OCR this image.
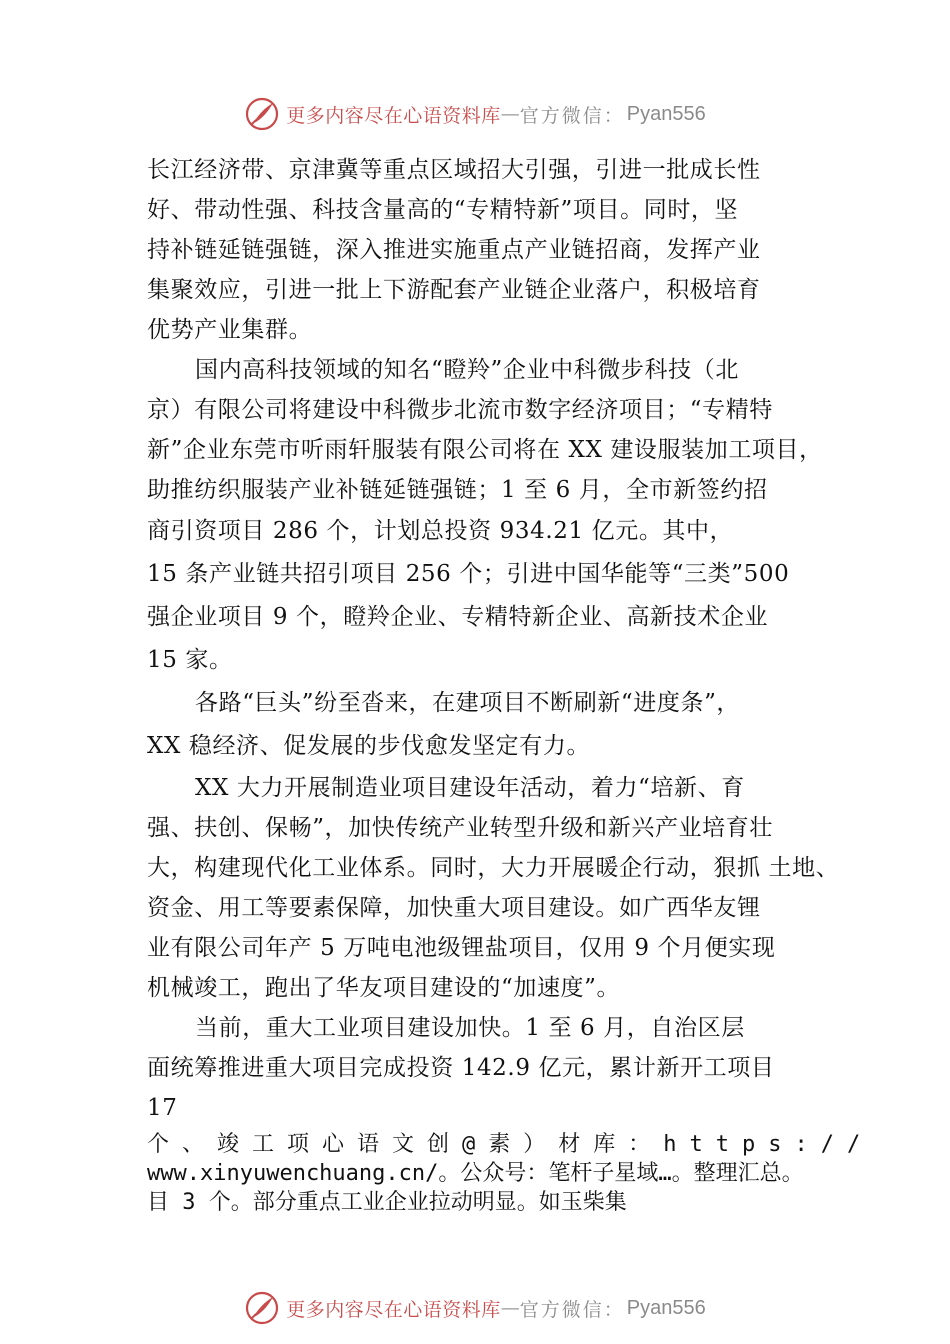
更多内容尽在心语资料库 — 官方微信： Pyan556
长江经济带、京津冀等重点区域招大引强，引进一批成长性
好、带动性强、科技含量高的“专精特新”项目。同时，坚
持补链延链强链，深入推进实施重点产业链招商，发挥产业
集聚效应，引进一批上下游配套产业链企业落户，积极培育
优势产业集群。
国内高科技领域的知名“瞪羚”企业中科微步科技（北
京）有限公司将建设中科微步北流市数字经济项目；“专精特
新”企业东莞市听雨轩服装有限公司将在 XX 建设服装加工项目，
助推纺织服装产业补链延链强链；1 至 6 月，全市新签约招
商引资项目 286 个，计划总投资 934.21 亿元。其中，
15 条产业链共招引项目 256 个；引进中国华能等“三类”500
强企业项目 9 个，瞪羚企业、专精特新企业、高新技术企业
15 家。
各路“巨头”纷至沓来，在建项目不断刷新“进度条”，
XX 稳经济、促发展的步伐愈发坚定有力。
XX 大力开展制造业项目建设年活动，着力“培新、育
强、扶创、保畅”，加快传统产业转型升级和新兴产业培育壮
大，构建现代化工业体系。同时，大力开展暖企行动，狠抓 土地、
资金、用工等要素保障，加快重大项目建设。如广西华友锂
业有限公司年产 5 万吨电池级锂盐项目，仅用 9 个月便实现
机械竣工，跑出了华友项目建设的“加速度”。
当前，重大工业项目建设加快。1 至 6 月，自治区层
面统筹推进重大项目完成投资 142.9 亿元，累计新开工项目
17
个、竣工项心语文创@素）材库：https://
www.xinyuwenchuang.cn/。公众号：笔杆子星域…。整理汇总。
目 3 个。部分重点工业企业拉动明显。如玉柴集
更多内容尽在心语资料库 — 官方微信： Pyan556
